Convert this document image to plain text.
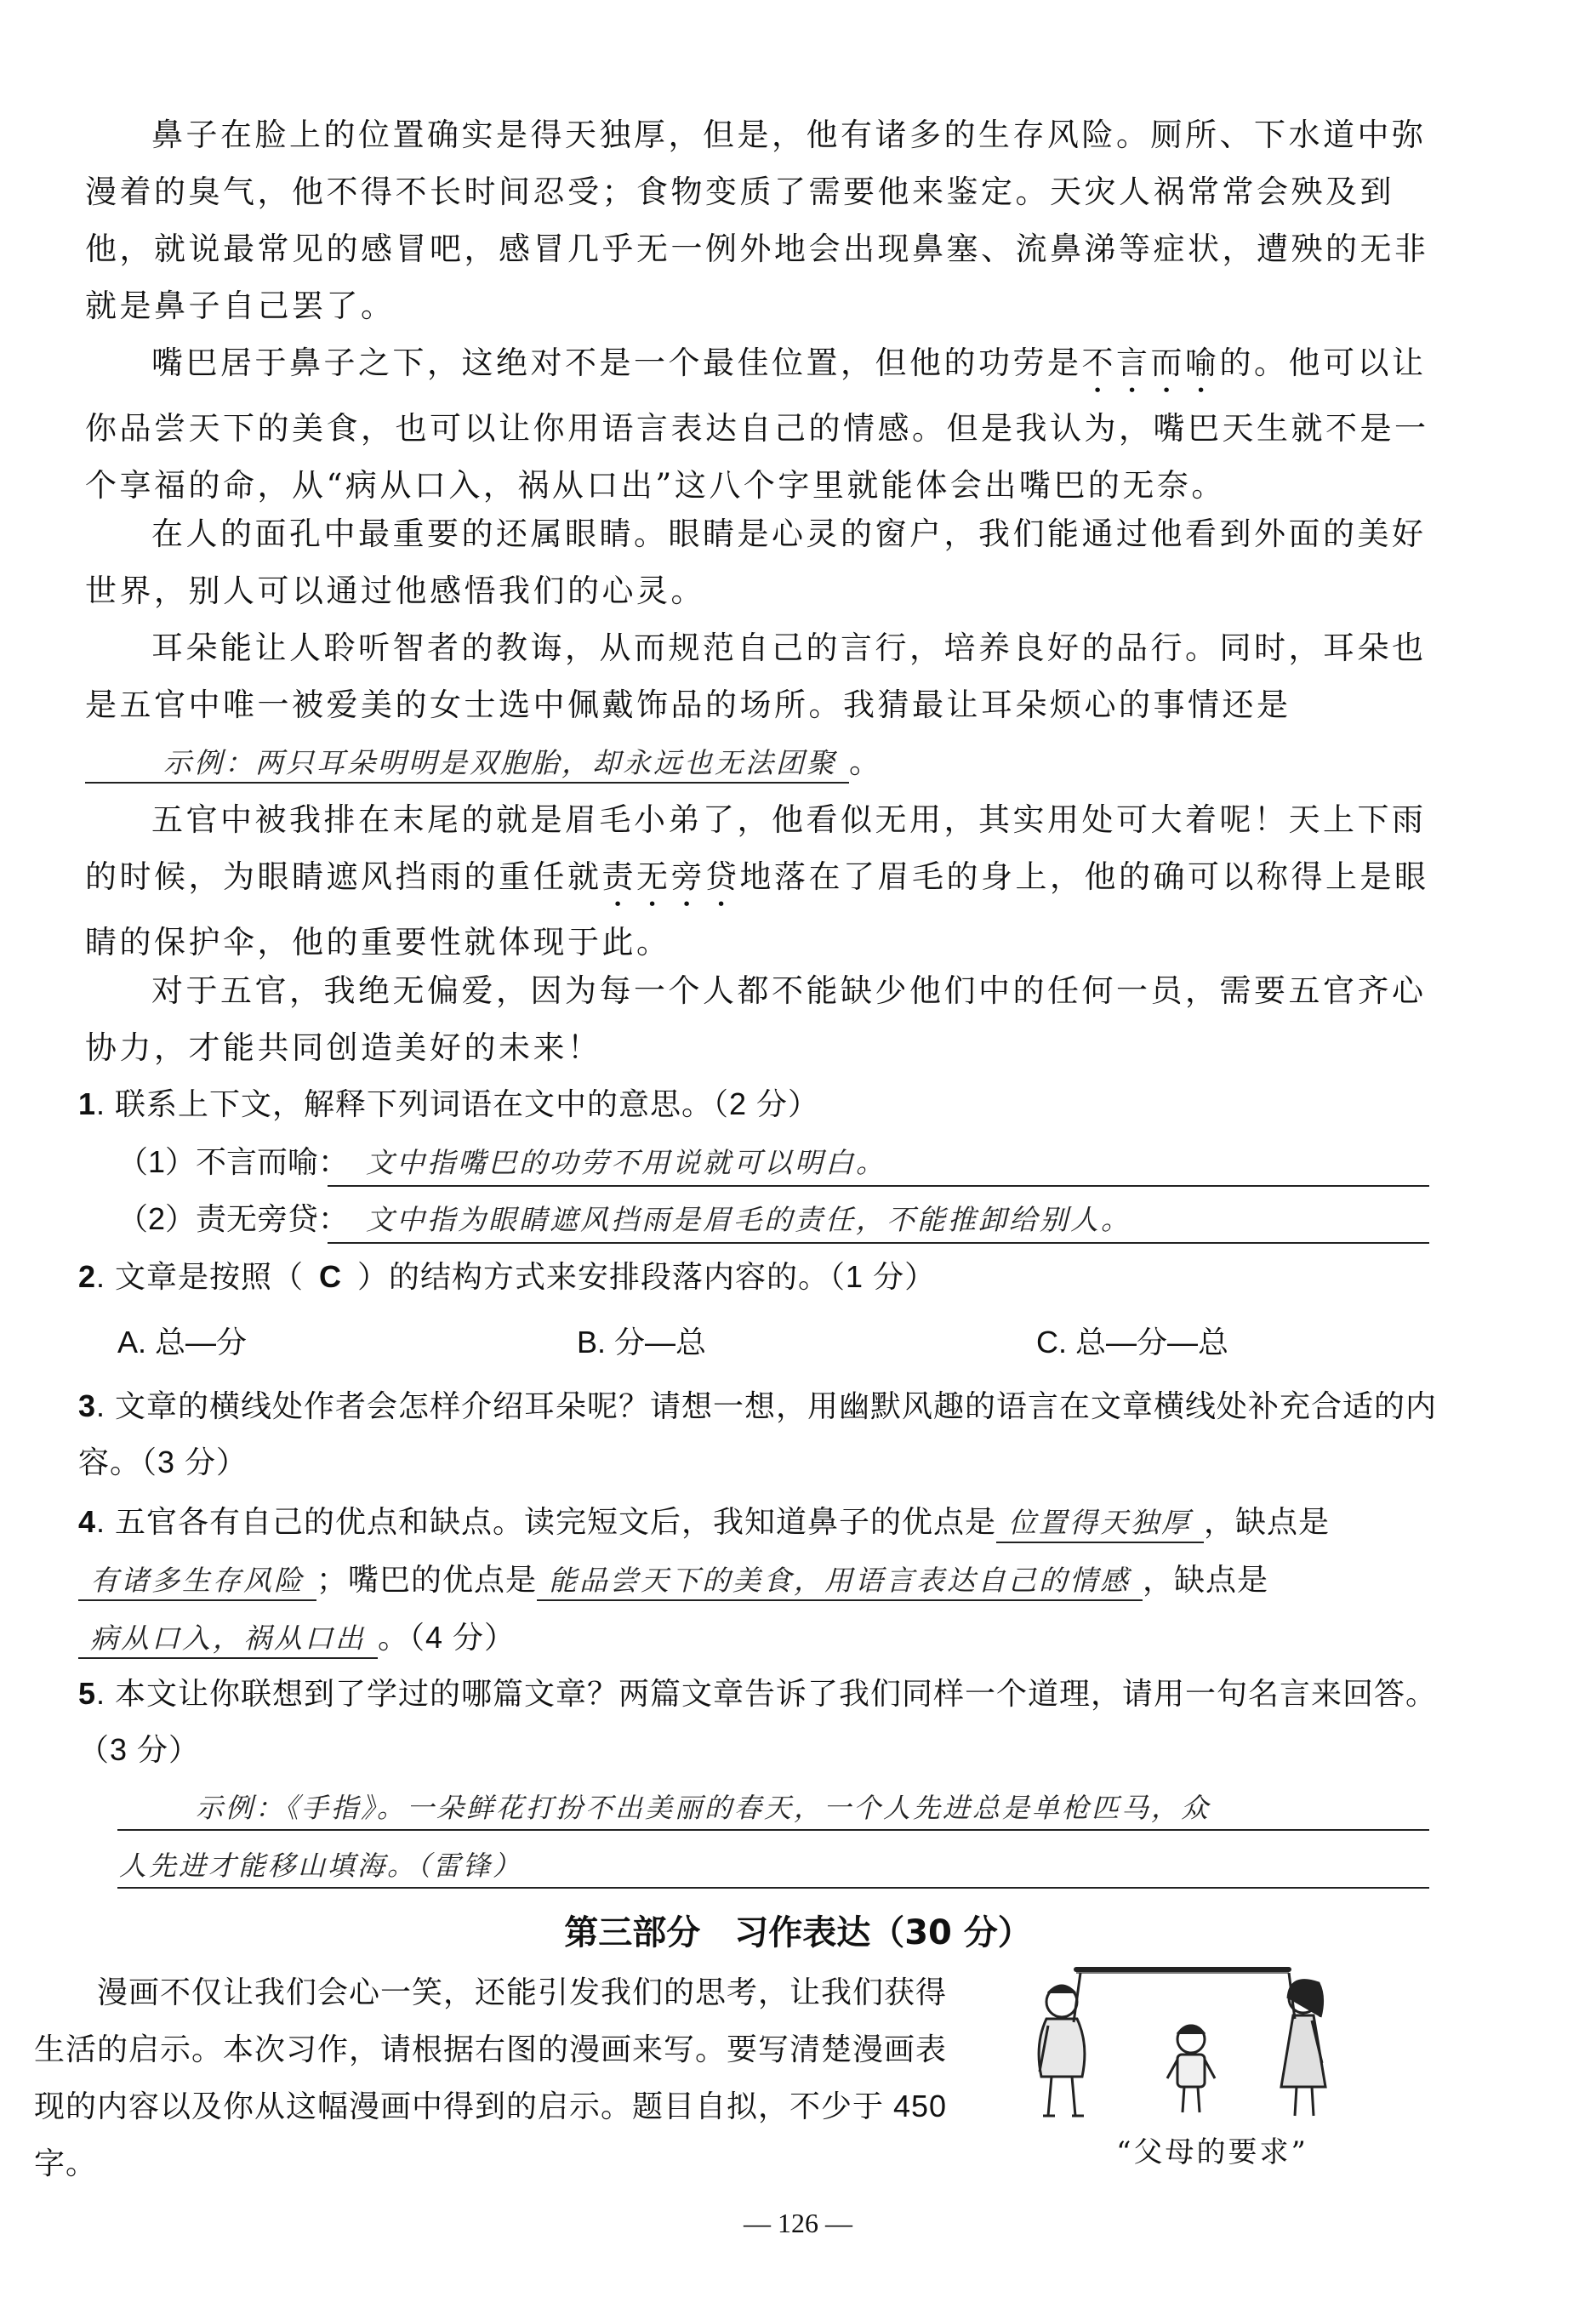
鼻子在脸上的位置确实是得天独厚，但是，他有诸多的生存风险。厕所、下水道中弥漫着的臭气，他不得不长时间忍受；食物变质了需要他来鉴定。天灾人祸常常会殃及到他，就说最常见的感冒吧，感冒几乎无一例外地会出现鼻塞、流鼻涕等症状，遭殃的无非就是鼻子自己罢了。

嘴巴居于鼻子之下，这绝对不是一个最佳位置，但他的功劳是不言而喻的。他可以让你品尝天下的美食，也可以让你用语言表达自己的情感。但是我认为，嘴巴天生就不是一个享福的命，从“病从口入，祸从口出”这八个字里就能体会出嘴巴的无奈。

在人的面孔中最重要的还属眼睛。眼睛是心灵的窗户，我们能通过他看到外面的美好世界，别人可以通过他感悟我们的心灵。

耳朵能让人聆听智者的教诲，从而规范自己的言行，培养良好的品行。同时，耳朵也是五官中唯一被爱美的女士选中佩戴饰品的场所。我猜最让耳朵烦心的事情还是示例：两只耳朵明明是双胞胎，却永远也无法团聚 。

五官中被我排在末尾的就是眉毛小弟了，他看似无用，其实用处可大着呢！天上下雨的时候，为眼睛遮风挡雨的重任就责无旁贷地落在了眉毛的身上，他的确可以称得上是眼睛的保护伞，他的重要性就体现于此。

对于五官，我绝无偏爱，因为每一个人都不能缺少他们中的任何一员，需要五官齐心协力，才能共同创造美好的未来！

1. 联系上下文，解释下列词语在文中的意思。（2 分）

（1）不言而喻： 文中指嘴巴的功劳不用说就可以明白。
（2）责无旁贷： 文中指为眼睛遮风挡雨是眉毛的责任，不能推卸给别人。

2. 文章是按照（ C ）的结构方式来安排段落内容的。（1 分）

A. 总—分	B. 分—总	C. 总—分—总

3. 文章的横线处作者会怎样介绍耳朵呢？请想一想，用幽默风趣的语言在文章横线处补充合适的内容。（3 分）

4. 五官各有自己的优点和缺点。读完短文后，我知道鼻子的优点是 位置得天独厚 ，缺点是有诸多生存风险 ；嘴巴的优点是 能品尝天下的美食，用语言表达自己的情感 ，缺点是病从口入，祸从口出 。（4 分）

5. 本文让你联想到了学过的哪篇文章？两篇文章告诉了我们同样一个道理，请用一句名言来回答。（3 分）

示例：《手指》。一朵鲜花打扮不出美丽的春天，一个人先进总是单枪匹马，众
人先进才能移山填海。（雷锋）
第三部分　习作表达（30 分）

漫画不仅让我们会心一笑，还能引发我们的思考，让我们获得生活的启示。本次习作，请根据右图的漫画来写。要写清楚漫画表现的内容以及你从这幅漫画中得到的启示。题目自拟，不少于 450 字。	“父母的要求”
— 126 —
